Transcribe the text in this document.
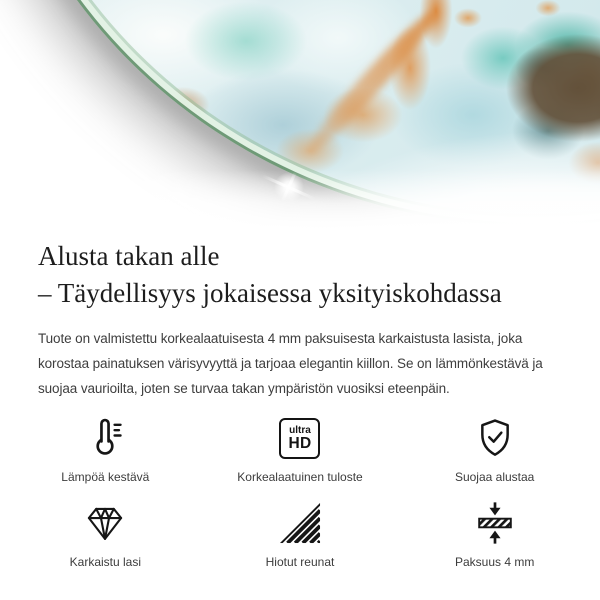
Alusta takan alle
– Täydellisyys jokaisessa yksityiskohdassa

Tuote on valmistettu korkealaatuisesta 4 mm paksuisesta karkaistusta lasista, joka korostaa painatuksen värisyvyyttä ja tarjoaa elegantin kiillon. Se on lämmönkestävä ja suojaa vaurioilta, joten se turvaa takan ympäristön vuosiksi eteenpäin.

Lämpöä kestävä
ultra
HD
Korkealaatuinen tuloste	Suojaa alustaa
Karkaistu lasi	Hiotut reunat	Paksuus 4 mm
